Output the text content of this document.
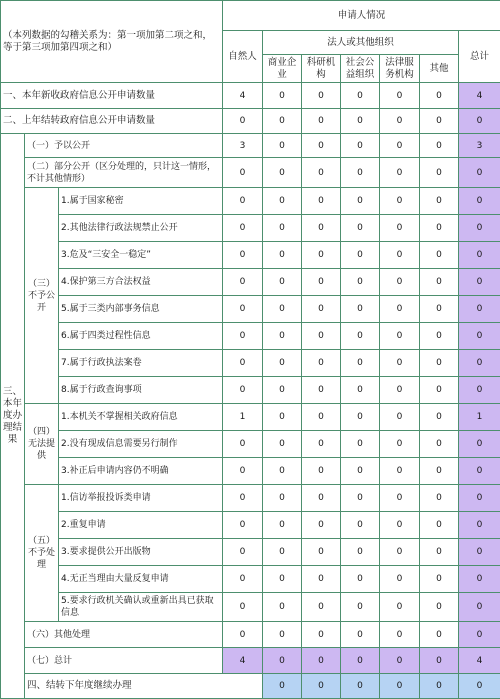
（本列数据的勾稽关系为：第一项加第二项之和，等于第三项加第四项之和）			申请人情况							
			自然人	法人或其他组织					总计	
				商业企业	科研机构	社会公益组织	法律服务机构	其他		
一、本年新收政府信息公开申请数量			4	0	0	0	0	0	4	
二、上年结转政府信息公开申请数量			0	0	0	0	0	0	0	
三、本年度办理结果	（一）予以公开		3	0	0	0	0	0	3	
	（二）部分公开（区分处理的，只计这一情形，不计其他情形）		0	0	0	0	0	0	0	
	（三）不予公开	1.属于国家秘密	0	0	0	0	0	0	0	
		2.其他法律行政法规禁止公开	0	0	0	0	0	0	0	
		3.危及“三安全一稳定”	0	0	0	0	0	0	0	
		4.保护第三方合法权益	0	0	0	0	0	0	0	
		5.属于三类内部事务信息	0	0	0	0	0	0	0	
		6.属于四类过程性信息	0	0	0	0	0	0	0	
		7.属于行政执法案卷	0	0	0	0	0	0	0	
		8.属于行政查询事项	0	0	0	0	0	0	0	
	（四）无法提供	1.本机关不掌握相关政府信息	1	0	0	0	0	0	1	
		2.没有现成信息需要另行制作	0	0	0	0	0	0	0	
		3.补正后申请内容仍不明确	0	0	0	0	0	0	0	
	（五）不予处理	1.信访举报投诉类申请	0	0	0	0	0	0	0	
		2.重复申请	0	0	0	0	0	0	0	
		3.要求提供公开出版物	0	0	0	0	0	0	0	
		4.无正当理由大量反复申请	0	0	0	0	0	0	0	
		5.要求行政机关确认或重新出具已获取信息	0	0	0	0	0	0	0	
	（六）其他处理		0	0	0	0	0	0	0	
	（七）总计		4	0	0	0	0	0	4	
	四、结转下年度继续办理			0	0	0	0	0	0	
